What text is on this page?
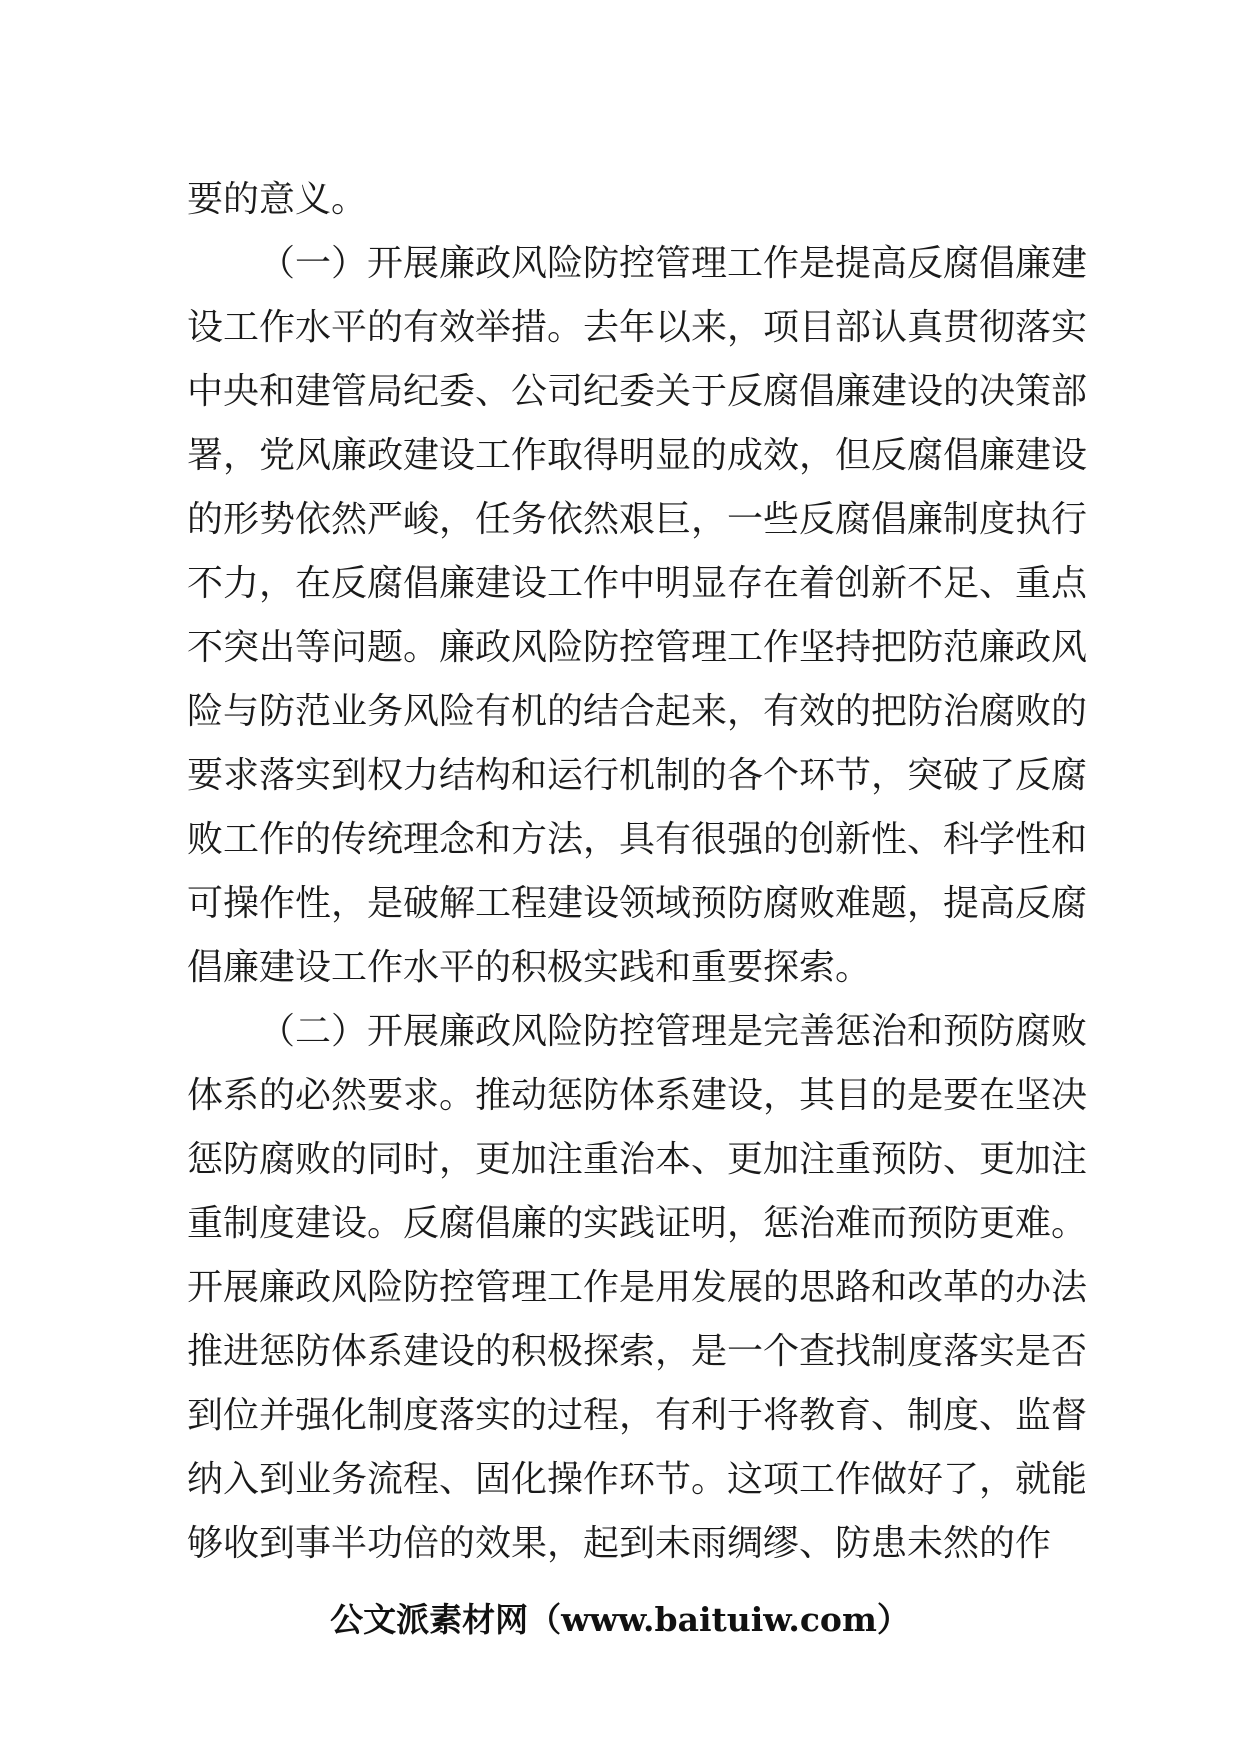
要的意义。
（一）开展廉政风险防控管理工作是提高反腐倡廉建
设工作水平的有效举措。去年以来，项目部认真贯彻落实
中央和建管局纪委、公司纪委关于反腐倡廉建设的决策部
署，党风廉政建设工作取得明显的成效，但反腐倡廉建设
的形势依然严峻，任务依然艰巨，一些反腐倡廉制度执行
不力，在反腐倡廉建设工作中明显存在着创新不足、重点
不突出等问题。廉政风险防控管理工作坚持把防范廉政风
险与防范业务风险有机的结合起来，有效的把防治腐败的
要求落实到权力结构和运行机制的各个环节，突破了反腐
败工作的传统理念和方法，具有很强的创新性、科学性和
可操作性，是破解工程建设领域预防腐败难题，提高反腐
倡廉建设工作水平的积极实践和重要探索。
（二）开展廉政风险防控管理是完善惩治和预防腐败
体系的必然要求。推动惩防体系建设，其目的是要在坚决
惩防腐败的同时，更加注重治本、更加注重预防、更加注
重制度建设。反腐倡廉的实践证明，惩治难而预防更难。
开展廉政风险防控管理工作是用发展的思路和改革的办法
推进惩防体系建设的积极探索，是一个查找制度落实是否
到位并强化制度落实的过程，有利于将教育、制度、监督
纳入到业务流程、固化操作环节。这项工作做好了，就能
够收到事半功倍的效果，起到未雨绸缪、防患未然的作
公文派素材网（www.baituiw.com）
